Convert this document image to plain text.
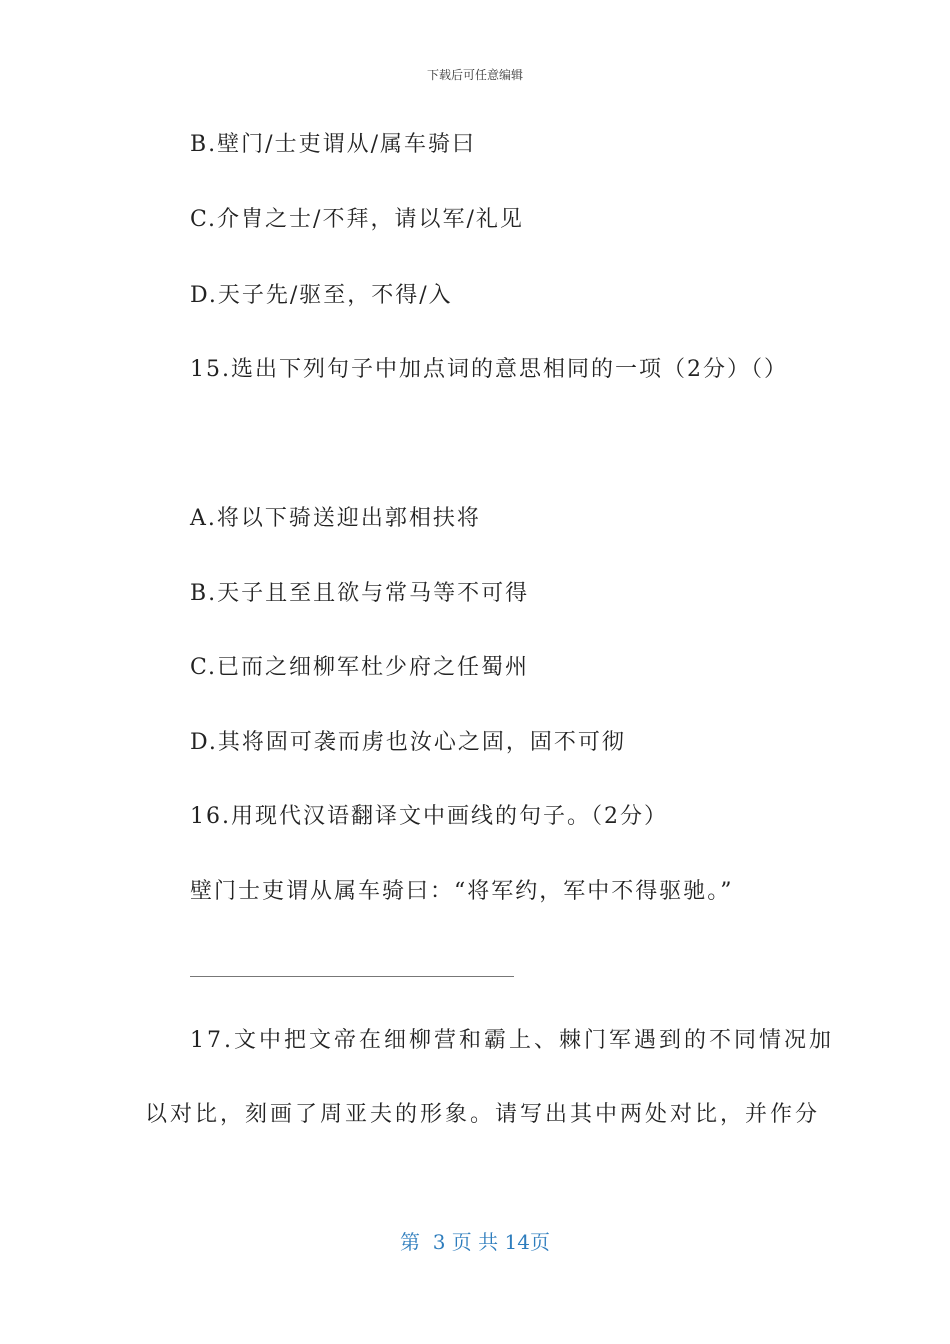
下载后可任意编辑
B.壁门/士吏谓从/属车骑曰
C.介胄之士/不拜，请以军/礼见
D.天子先/驱至，不得/入
15.选出下列句子中加点词的意思相同的一项（2分）（）
A.将以下骑送迎出郭相扶将
B.天子且至且欲与常马等不可得
C.已而之细柳军杜少府之任蜀州
D.其将固可袭而虏也汝心之固，固不可彻
16.用现代汉语翻译文中画线的句子。（2分）
壁门士吏谓从属车骑曰：“将军约，军中不得驱驰。”
17.文中把文帝在细柳营和霸上、棘门军遇到的不同情况加
以对比，刻画了周亚夫的形象。请写出其中两处对比，并作分
第  3 页 共 14页
